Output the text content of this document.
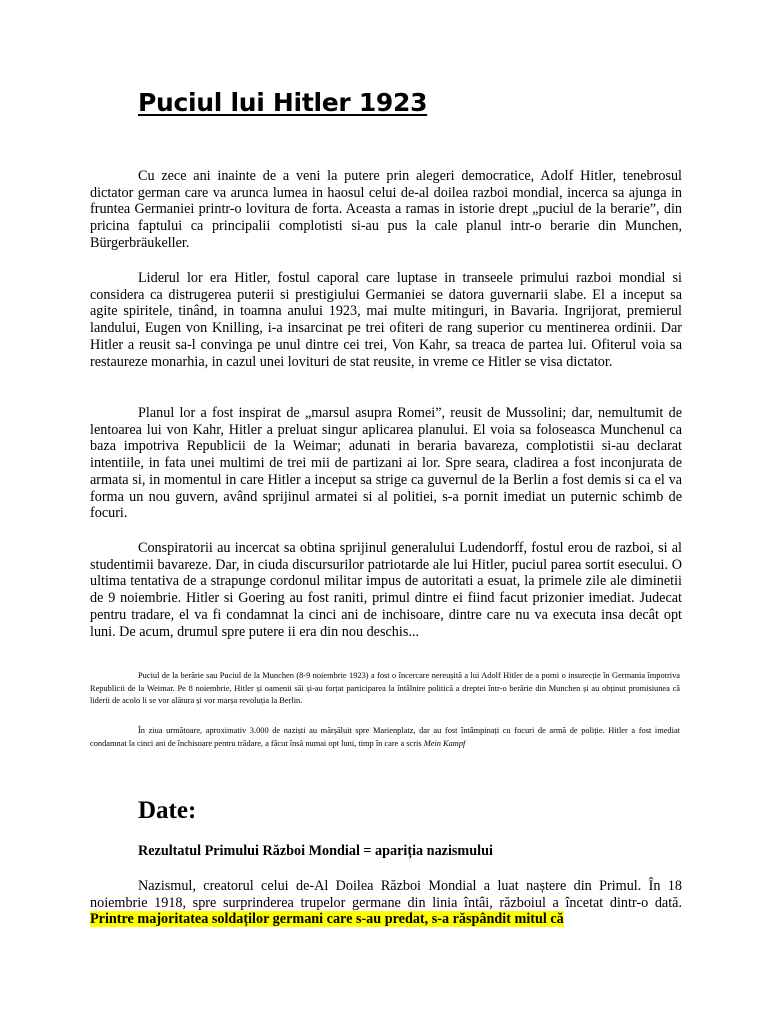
Puciul lui Hitler 1923

Cu zece ani inainte de a veni la putere prin alegeri democratice, Adolf Hitler, tenebrosul dictator german care va arunca lumea in haosul celui de-al doilea razboi mondial, incerca sa ajunga in fruntea Germaniei printr-o lovitura de forta. Aceasta a ramas in istorie drept „puciul de la berarie”, din pricina faptului ca principalii complotisti si-au pus la cale planul intr-o berarie din Munchen, Bürgerbräukeller.

Liderul lor era Hitler, fostul caporal care luptase in transeele primului razboi mondial si considera ca distrugerea puterii si prestigiului Germaniei se datora guvernarii slabe. El a inceput sa agite spiritele, tinând, in toamna anului 1923, mai multe mitinguri, in Bavaria. Ingrijorat, premierul landului, Eugen von Knilling, i-a insarcinat pe trei ofiteri de rang superior cu mentinerea ordinii. Dar Hitler a reusit sa-l convinga pe unul dintre cei trei, Von Kahr, sa treaca de partea lui. Ofiterul voia sa restaureze monarhia, in cazul unei lovituri de stat reusite, in vreme ce Hitler se visa dictator.

Planul lor a fost inspirat de „marsul asupra Romei”, reusit de Mussolini; dar, nemultumit de lentoarea lui von Kahr, Hitler a preluat singur aplicarea planului. El voia sa foloseasca Munchenul ca baza impotriva Republicii de la Weimar; adunati in beraria bavareza, complotistii si-au declarat intentiile, in fata unei multimi de trei mii de partizani ai lor. Spre seara, cladirea a fost inconjurata de armata si, in momentul in care Hitler a inceput sa strige ca guvernul de la Berlin a fost demis si ca el va forma un nou guvern, având sprijinul armatei si al politiei, s-a pornit imediat un puternic schimb de focuri.

Conspiratorii au incercat sa obtina sprijinul generalului Ludendorff, fostul erou de razboi, si al studentimii bavareze. Dar, in ciuda discursurilor patriotarde ale lui Hitler, puciul parea sortit esecului. O ultima tentativa de a strapunge cordonul militar impus de autoritati a esuat, la primele zile ale diminetii de 9 noiembrie. Hitler si Goering au fost raniti, primul dintre ei fiind facut prizonier imediat. Judecat pentru tradare, el va fi condamnat la cinci ani de inchisoare, dintre care nu va executa insa decât opt luni. De acum, drumul spre putere ii era din nou deschis...

Puciul de la berărie sau Puciul de la Munchen (8-9 noiembrie 1923) a fost o încercare nereușită a lui Adolf Hitler de a porni o insurecție în Germania împotriva Republicii de la Weimar. Pe 8 noiembrie, Hitler și oamenii săi și-au forțat participarea la întâlnire politică a dreptei într-o berărie din Munchen și au obținut promisiunea că liderii de acolo li se vor alătura și vor marșa revoluția la Berlin.

În ziua următoare, aproximativ 3.000 de naziști au mărșăluit spre Marienplatz, dar au fost întâmpinați cu focuri de armă de poliție. Hitler a fost imediat condamnat la cinci ani de închisoare pentru trădare, a făcut însă numai opt luni, timp în care a scris Mein Kampf

Date:

Rezultatul Primului Război Mondial = apariția nazismului

Nazismul, creatorul celui de-Al Doilea Război Mondial a luat naștere din Primul. În 18 noiembrie 1918, spre surprinderea trupelor germane din linia întâi, războiul a încetat dintr-o dată. Printre majoritatea soldaților germani care s-au predat, s-a răspândit mitul că
